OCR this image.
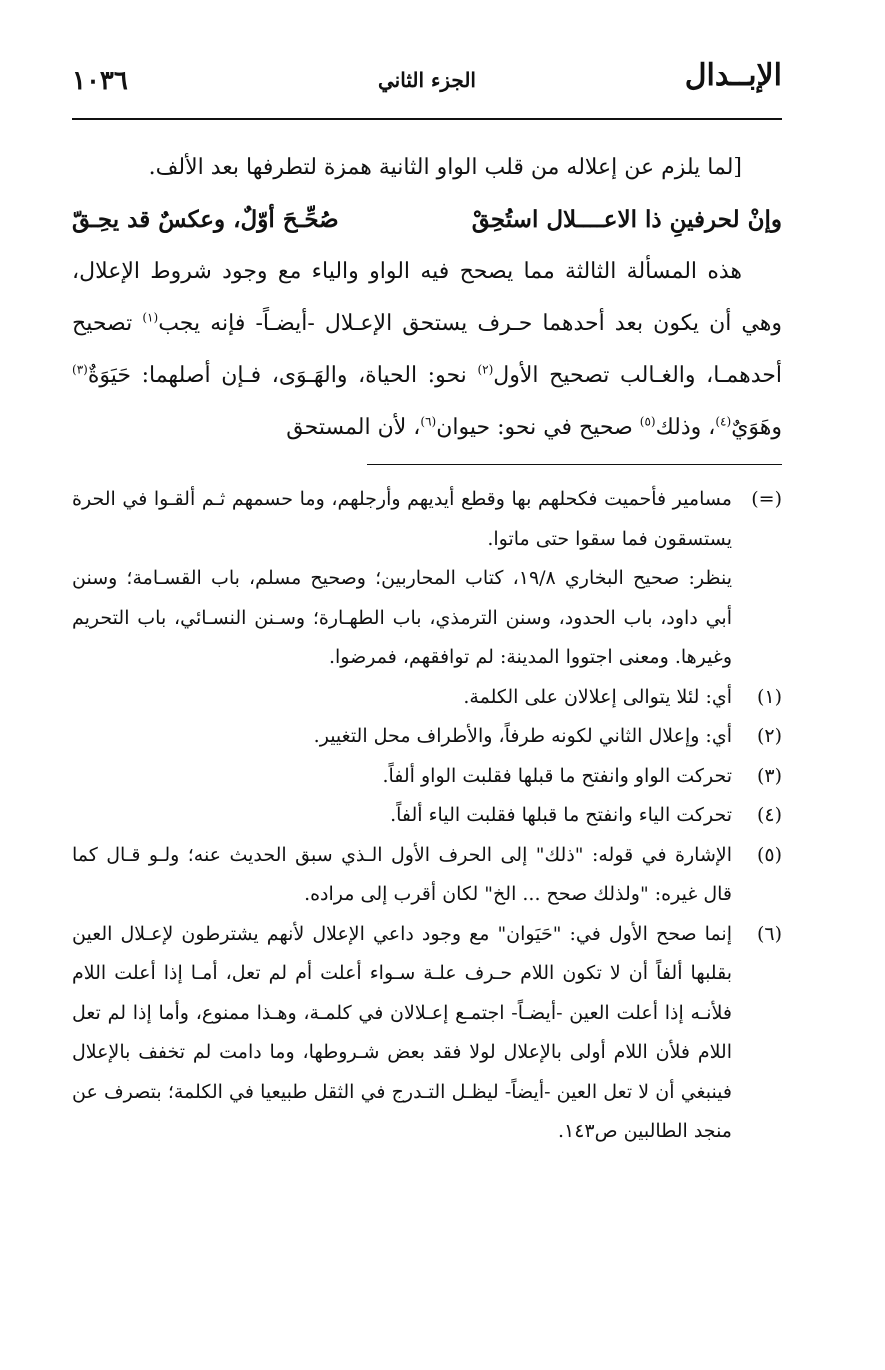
الإبــدال
الجزء الثاني
١٠٣٦

[لما يلزم عن إعلاله من قلب الواو الثانية همزة لتطرفها بعد الألف.

وإنْ لحرفينِ ذا الاعــــلال استُحِقْ
صُحِّـحَ أوّلٌ، وعكسٌ قد يحِـقّ

هذه المسألة الثالثة مما يصحح فيه الواو والياء مع وجود شروط الإعلال، وهي أن يكون بعد أحدهما حـرف يستحق الإعـلال -أيضـاً- فإنه يجب$^{(١)}$ تصحيح أحدهمـا، والغـالب تصحيح الأول$^{(٢)}$ نحو: الحياة، والهَـوَى، فـإن أصلهما: حَيَوَةٌ$^{(٣)}$ وهَوَيٌ$^{(٤)}$، وذلك$^{(٥)}$ صحيح في نحو: حيوان$^{(٦)}$، لأن المستحق

(=)
مسامير فأحميت فكحلهم بها وقطع أيديهم وأرجلهم، وما حسمهم ثـم ألقـوا في الحرة يستسقون فما سقوا حتى ماتوا.
ينظر: صحيح البخاري ١٩/٨، كتاب المحاربين؛ وصحيح مسلم، باب القسـامة؛ وسنن أبي داود، باب الحدود، وسنن الترمذي، باب الطهـارة؛ وسـنن النسـائي، باب التحريم وغيرها. ومعنى اجتووا المدينة: لم توافقهم، فمرضوا.
(١)
أي: لئلا يتوالى إعلالان على الكلمة.
(٢)
أي: وإعلال الثاني لكونه طرفاً، والأطراف محل التغيير.
(٣)
تحركت الواو وانفتح ما قبلها فقلبت الواو ألفاً.
(٤)
تحركت الياء وانفتح ما قبلها فقلبت الياء ألفاً.
(٥)
الإشارة في قوله: "ذلك" إلى الحرف الأول الـذي سبق الحديث عنه؛ ولـو قـال كما قال غيره: "ولذلك صحح ... الخ" لكان أقرب إلى مراده.
(٦)
إنما صحح الأول في: "حَيَوان" مع وجود داعي الإعلال لأنهم يشترطون لإعـلال العين بقلبها ألفاً أن لا تكون اللام حـرف علـة سـواء أعلت أم لم تعل، أمـا إذا أعلت اللام فلأنـه إذا أعلت العين -أيضـاً- اجتمـع إعـلالان في كلمـة، وهـذا ممنوع، وأما إذا لم تعل اللام فلأن اللام أولى بالإعلال لولا فقد بعض شـروطها، وما دامت لم تخفف بالإعلال فينبغي أن لا تعل العين -أيضاً- ليظـل التـدرج في الثقل طبيعيا في الكلمة؛ بتصرف عن منجد الطالبين ص١٤٣.
